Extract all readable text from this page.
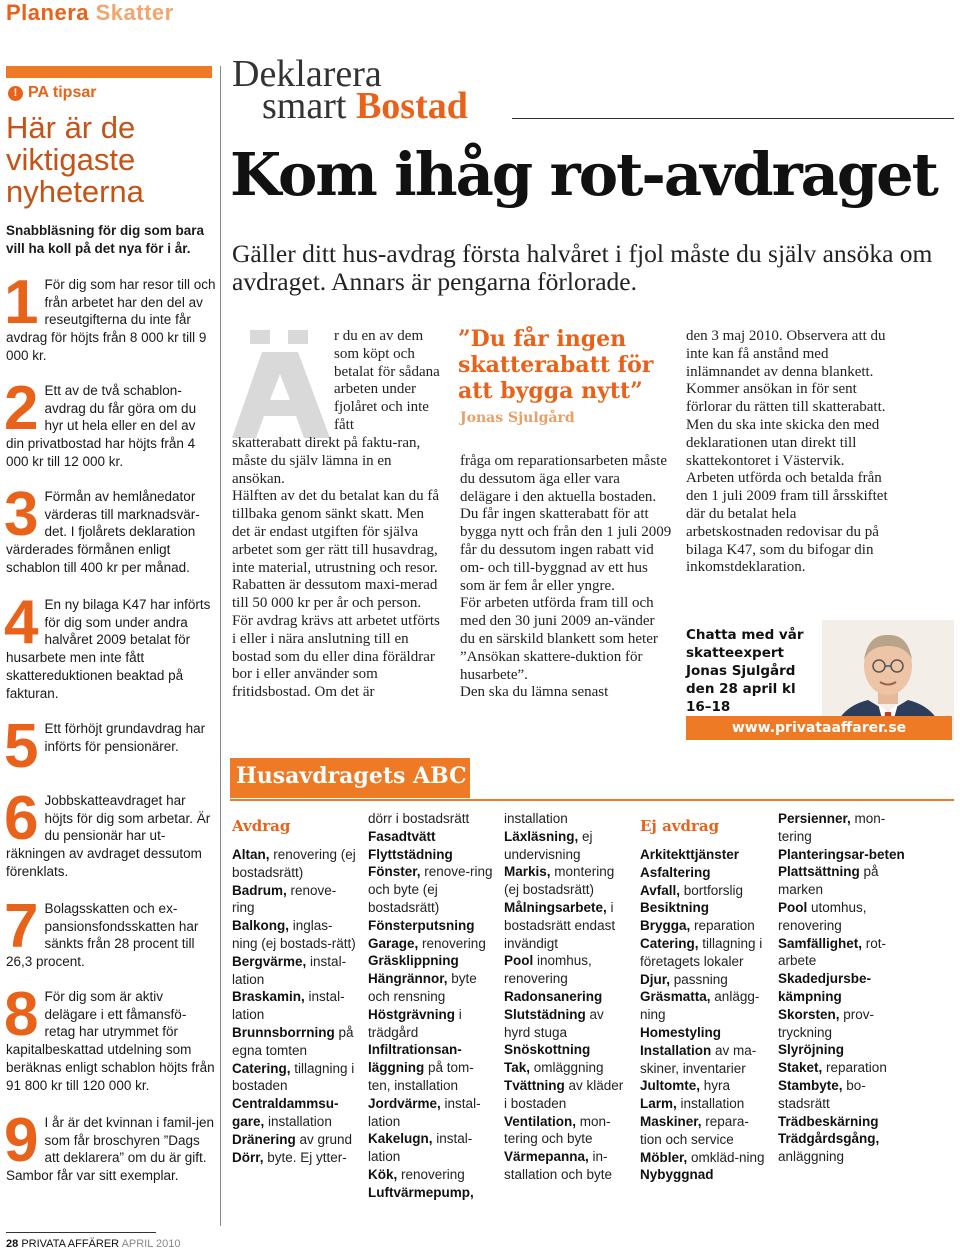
Planera Skatter
! PA tipsar
Här är de viktigaste nyheterna
Snabbläsning för dig som bara vill ha koll på det nya för i år.
1 För dig som har resor till och från arbetet har den del av reseutgifterna du inte får avdrag för höjts från 8 000 kr till 9 000 kr.
2 Ett av de två schablon-avdrag du får göra om du hyr ut hela eller en del av din privatbostad har höjts från 4 000 kr till 12 000 kr.
3 Förmån av hemlånedator värderas till marknadsvär-det. I fjolårets deklaration värderades förmånen enligt schablon till 400 kr per månad.
4 En ny bilaga K47 har införts för dig som under andra halvåret 2009 betalat för husarbete men inte fått skattereduktionen beaktad på fakturan.
5 Ett förhöjt grundavdrag har införts för pensionärer.
6 Jobbskatteavdraget har höjts för dig som arbetar. Är du pensionär har ut-räkningen av avdraget dessutom förenklats.
7 Bolagsskatten och ex-pansionsfondsskatten har sänkts från 28 procent till 26,3 procent.
8 För dig som är aktiv delägare i ett fåmansfö-retag har utrymmet för kapitalbeskattad utdelning som beräknas enligt schablon höjts från 91 800 kr till 120 000 kr.
9 I år är det kvinnan i famil-jen som får broschyren ”Dags att deklarera” om du är gift. Sambor får var sitt exemplar.
Deklarera
smart Bostad
Kom ihåg rot-avdraget
Gäller ditt hus-avdrag första halvåret i fjol måste du själv ansöka om avdraget. Annars är pengarna förlorade.
r du en av dem som köpt och betalat för sådana arbeten under fjolåret och inte fått
skatterabatt direkt på faktu-ran, måste du själv lämna in en ansökan.
Hälften av det du betalat kan du få tillbaka genom sänkt skatt. Men det är endast utgiften för själva arbetet som ger rätt till husavdrag, inte material, utrustning och resor. Rabatten är dessutom maxi-merad till 50 000 kr per år och person.
För avdrag krävs att arbetet utförts i eller i nära anslutning till en bostad som du eller dina föräldrar bor i eller använder som fritidsbostad. Om det är
”Du får ingen skatterabatt för att bygga nytt”
Jonas Sjulgård
fråga om reparationsarbeten måste du dessutom äga eller vara delägare i den aktuella bostaden.
Du får ingen skatterabatt för att bygga nytt och från den 1 juli 2009 får du dessutom ingen rabatt vid om- och till-byggnad av ett hus som är fem år eller yngre.
För arbeten utförda fram till och med den 30 juni 2009 an-vänder du en särskild blankett som heter ”Ansökan skattere-duktion för husarbete”.
Den ska du lämna senast
den 3 maj 2010. Observera att du inte kan få anstånd med inlämnandet av denna blankett. Kommer ansökan in för sent förlorar du rätten till skatterabatt. Men du ska inte skicka den med deklarationen utan direkt till skattekontoret i Västervik.
Arbeten utförda och betalda från den 1 juli 2009 fram till årsskiftet där du betalat hela arbetskostnaden redovisar du på bilaga K47, som du bifogar din inkomstdeklaration.
Chatta med vår skatteexpert Jonas Sjulgård den 28 april kl 16–18
www.privataaffarer.se
Husavdragets ABC
Avdrag	Ej avdrag
Altan, renovering (ej bostadsrätt)
Badrum, renove-ring
Balkong, inglas-ning (ej bostads-rätt)
Bergvärme, instal-lation
Braskamin, instal-lation
Brunnsborrning på egna tomten
Catering, tillagning i bostaden
Centraldammsu-gare, installation
Dränering av grund
Dörr, byte. Ej ytter-
dörr i bostadsrätt
Fasadtvätt
Flyttstädning
Fönster, renove-ring och byte (ej bostadsrätt)
Fönsterputsning
Garage, renovering
Gräsklippning
Hängrännor, byte och rensning
Höstgrävning i trädgård
Infiltrationsan-läggning på tom-ten, installation
Jordvärme, instal-lation
Kakelugn, instal-lation
Kök, renovering
Luftvärmepump,
installation
Läxläsning, ej undervisning
Markis, montering (ej bostadsrätt)
Målningsarbete, i bostadsrätt endast invändigt
Pool inomhus, renovering
Radonsanering
Slutstädning av hyrd stuga
Snöskottning
Tak, omläggning
Tvättning av kläder i bostaden
Ventilation, mon-tering och byte
Värmepanna, in-stallation och byte
Arkitekttjänster
Asfaltering
Avfall, bortforslig
Besiktning
Brygga, reparation
Catering, tillagning i företagets lokaler
Djur, passning
Gräsmatta, anlägg-ning
Homestyling
Installation av ma-skiner, inventarier
Jultomte, hyra
Larm, installation
Maskiner, repara-tion och service
Möbler, omkläd-ning
Nybyggnad
Persienner, mon-tering
Planteringsar-beten
Plattsättning på marken
Pool utomhus, renovering
Samfällighet, rot-arbete
Skadedjursbe-kämpning
Skorsten, prov-tryckning
Slyröjning
Staket, reparation
Stambyte, bo-stadsrätt
Trädbeskärning
Trädgårdsgång, anläggning
28 PRIVATA AFFÄRER APRIL 2010
